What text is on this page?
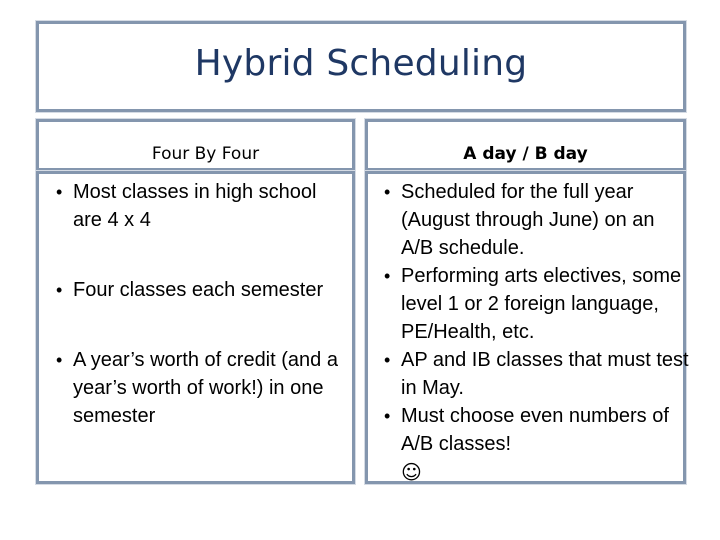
Hybrid Scheduling
Four By Four	A day / B day
• Most classes in high school are 4 x 4
• Four classes each semester
• A year’s worth of credit (and a year’s worth of work!) in one semester
• Scheduled for the full year (August through June) on an A/B schedule.
• Performing arts electives, some level 1 or 2 foreign language, PE/Health, etc.
• AP and IB classes that must test in May.
• Must choose even numbers of A/B classes!
☺
